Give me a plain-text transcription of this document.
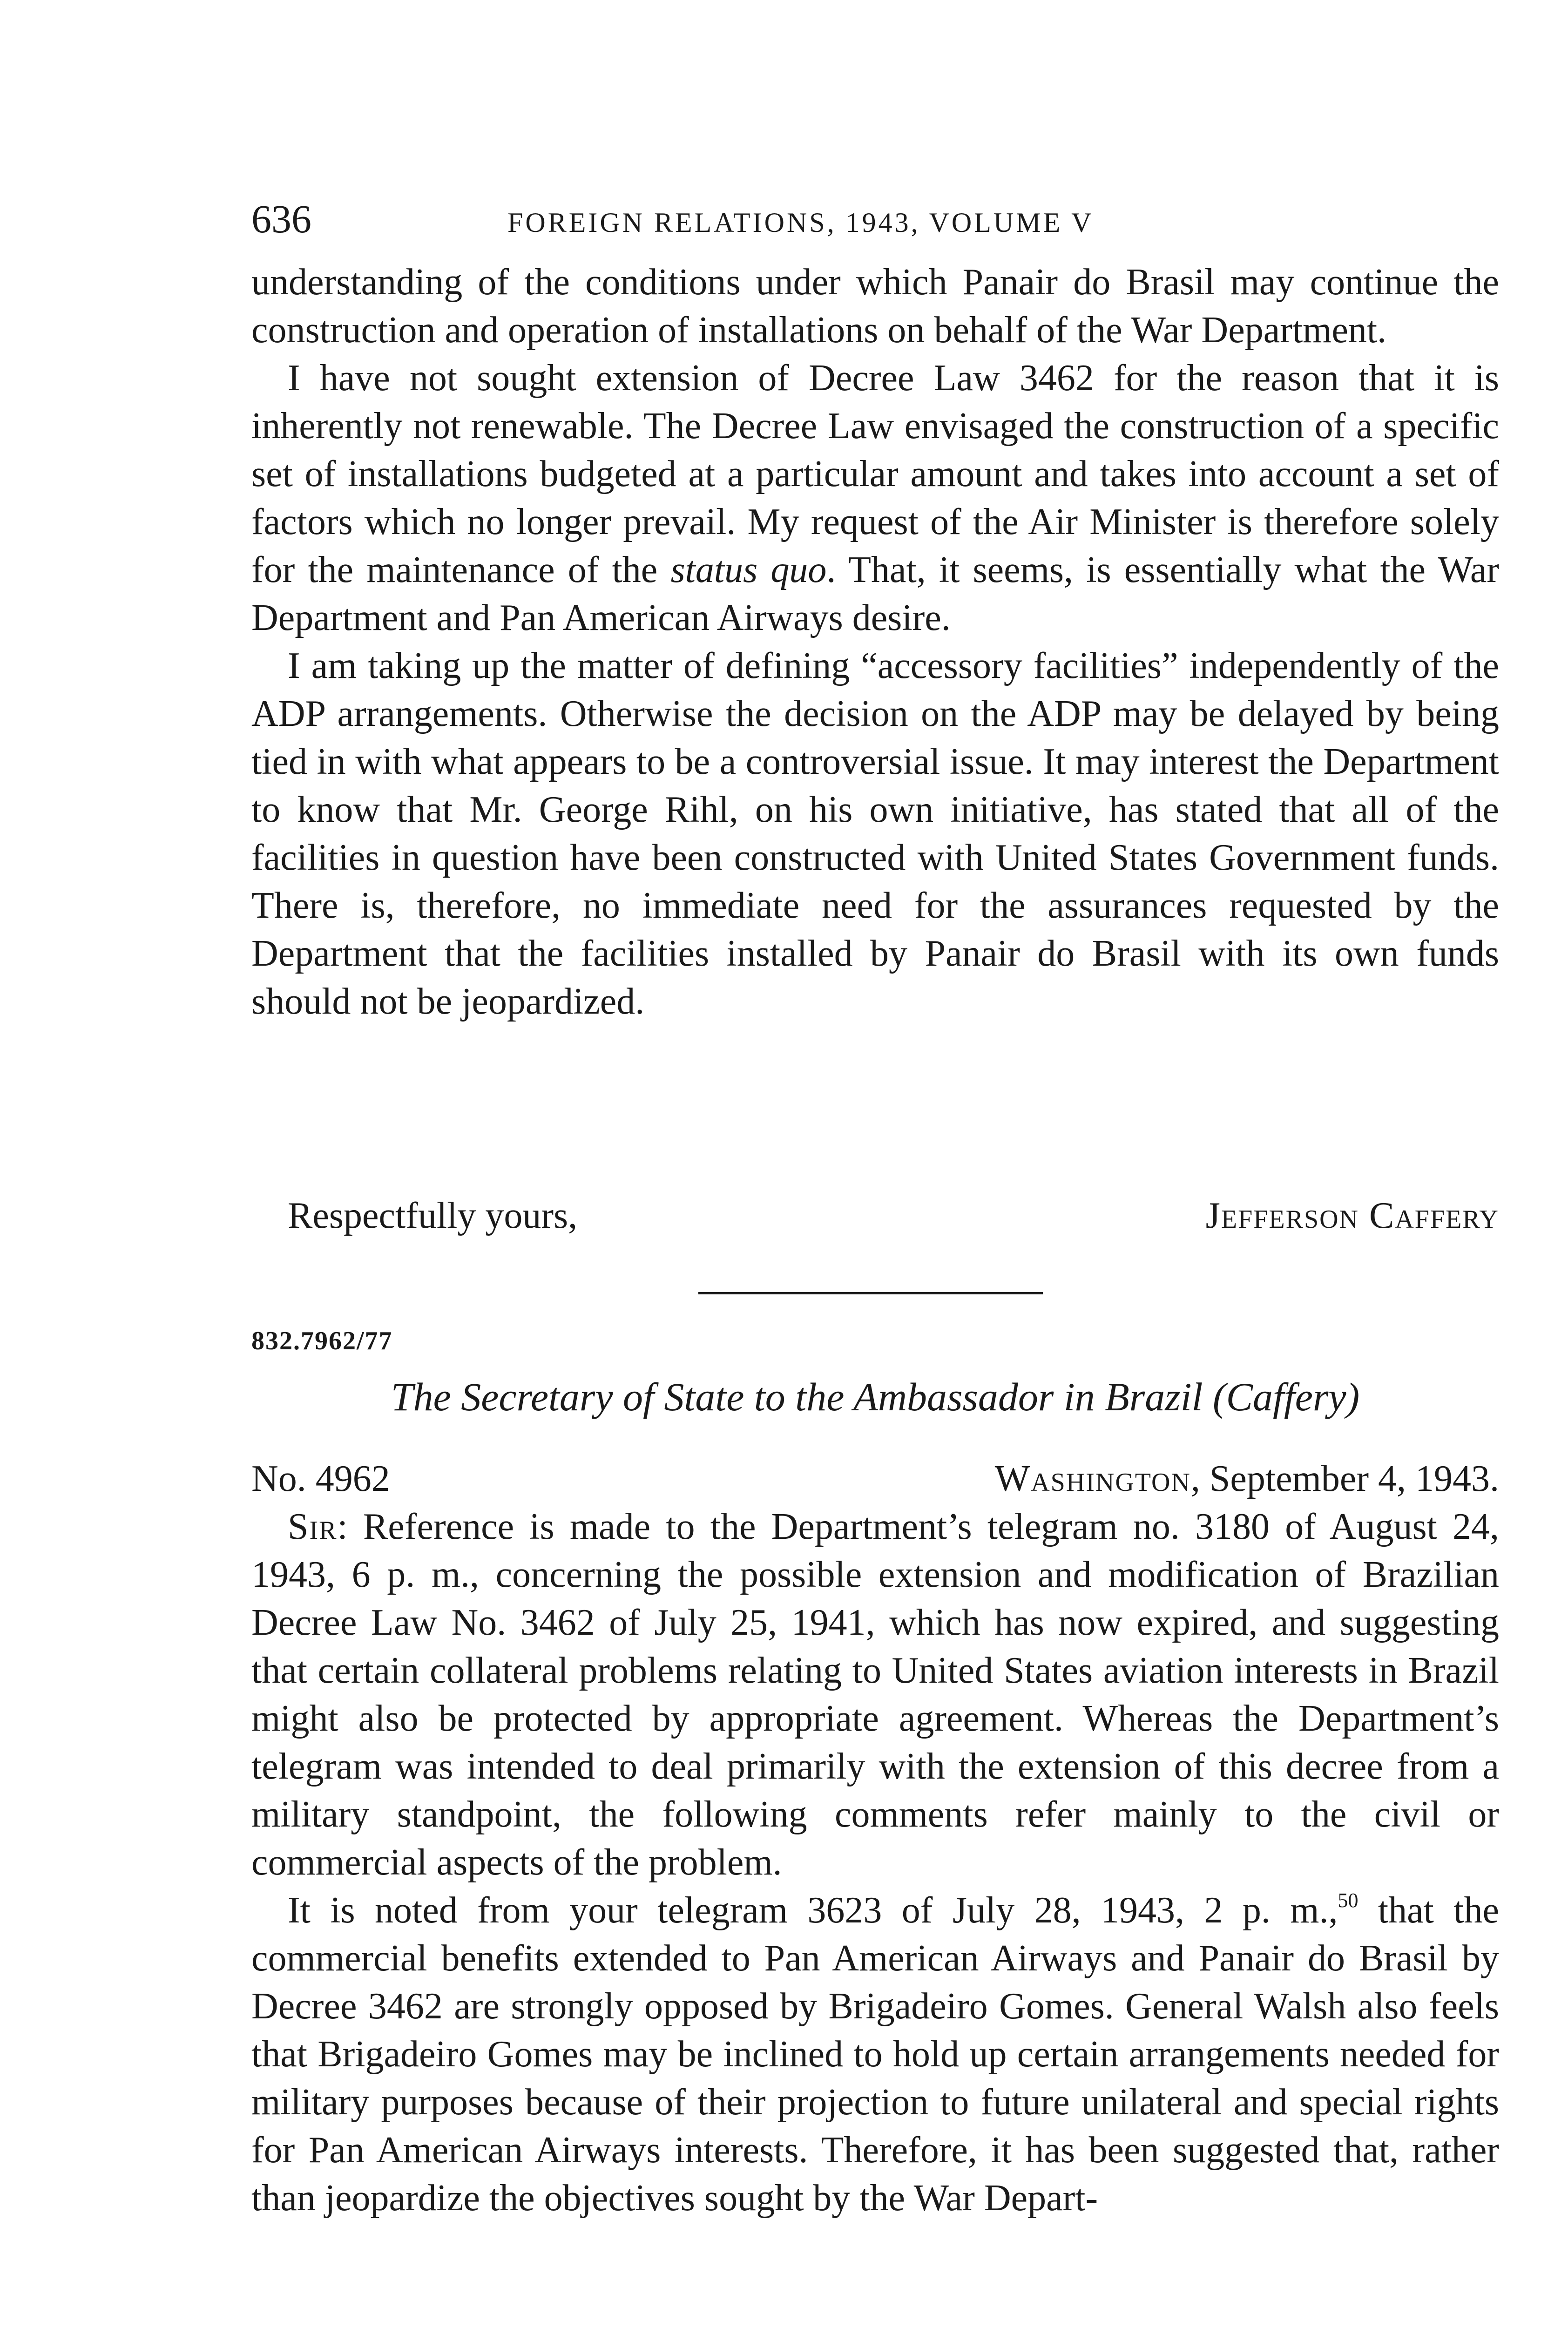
636	FOREIGN RELATIONS, 1943, VOLUME V

understanding of the conditions under which Panair do Brasil may continue the construction and operation of installations on behalf of the War Department.

I have not sought extension of Decree Law 3462 for the reason that it is inherently not renewable. The Decree Law envisaged the construction of a specific set of installations budgeted at a particular amount and takes into account a set of factors which no longer prevail. My request of the Air Minister is therefore solely for the maintenance of the status quo. That, it seems, is essentially what the War Department and Pan American Airways desire.

I am taking up the matter of defining “accessory facilities” independently of the ADP arrangements. Otherwise the decision on the ADP may be delayed by being tied in with what appears to be a controversial issue. It may interest the Department to know that Mr. George Rihl, on his own initiative, has stated that all of the facilities in question have been constructed with United States Government funds. There is, therefore, no immediate need for the assurances requested by the Department that the facilities installed by Panair do Brasil with its own funds should not be jeopardized.

Respectfully yours,	Jefferson Caffery
832.7962/77
The Secretary of State to the Ambassador in Brazil (Caffery)
No. 4962	Washington, September 4, 1943.

Sir: Reference is made to the Department’s telegram no. 3180 of August 24, 1943, 6 p. m., concerning the possible extension and modification of Brazilian Decree Law No. 3462 of July 25, 1941, which has now expired, and suggesting that certain collateral problems relating to United States aviation interests in Brazil might also be protected by appropriate agreement. Whereas the Department’s telegram was intended to deal primarily with the extension of this decree from a military standpoint, the following comments refer mainly to the civil or commercial aspects of the problem.

It is noted from your telegram 3623 of July 28, 1943, 2 p. m.,$^{50}$ that the commercial benefits extended to Pan American Airways and Panair do Brasil by Decree 3462 are strongly opposed by Brigadeiro Gomes. General Walsh also feels that Brigadeiro Gomes may be inclined to hold up certain arrangements needed for military purposes because of their projection to future unilateral and special rights for Pan American Airways interests. Therefore, it has been suggested that, rather than jeopardize the objectives sought by the War Depart-
